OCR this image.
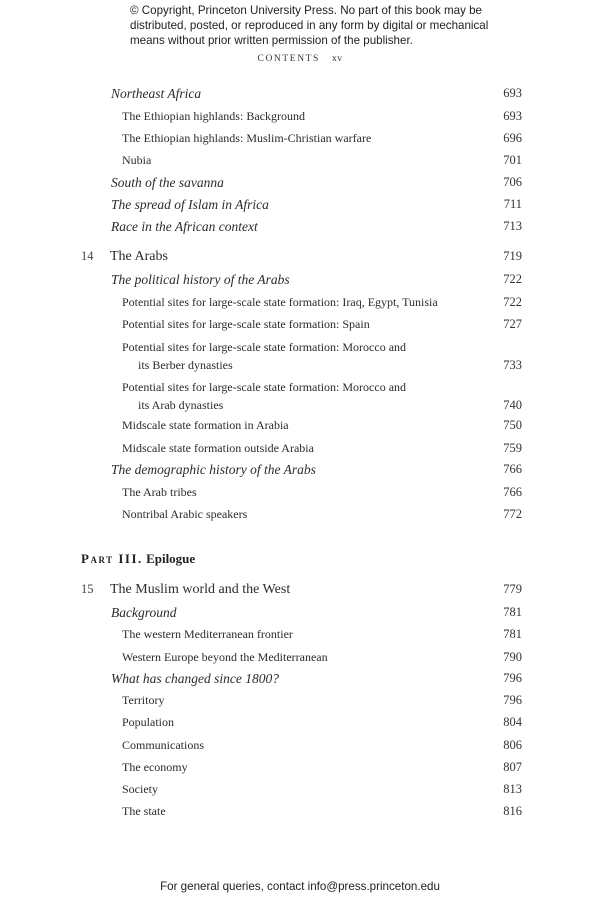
© Copyright, Princeton University Press. No part of this book may be distributed, posted, or reproduced in any form by digital or mechanical means without prior written permission of the publisher.
CONTENTS xv
Northeast Africa	693
The Ethiopian highlands: Background	693
The Ethiopian highlands: Muslim-Christian warfare	696
Nubia	701
South of the savanna	706
The spread of Islam in Africa	711
Race in the African context	713
14 The Arabs	719
The political history of the Arabs	722
Potential sites for large-scale state formation: Iraq, Egypt, Tunisia	722
Potential sites for large-scale state formation: Spain	727
Potential sites for large-scale state formation: Morocco and
its Berber dynasties	733
Potential sites for large-scale state formation: Morocco and
its Arab dynasties	740
Midscale state formation in Arabia	750
Midscale state formation outside Arabia	759
The demographic history of the Arabs	766
The Arab tribes	766
Nontribal Arabic speakers	772
Part III. Epilogue
15 The Muslim world and the West	779
Background	781
The western Mediterranean frontier	781
Western Europe beyond the Mediterranean	790
What has changed since 1800?	796
Territory	796
Population	804
Communications	806
The economy	807
Society	813
The state	816
For general queries, contact info@press.princeton.edu
